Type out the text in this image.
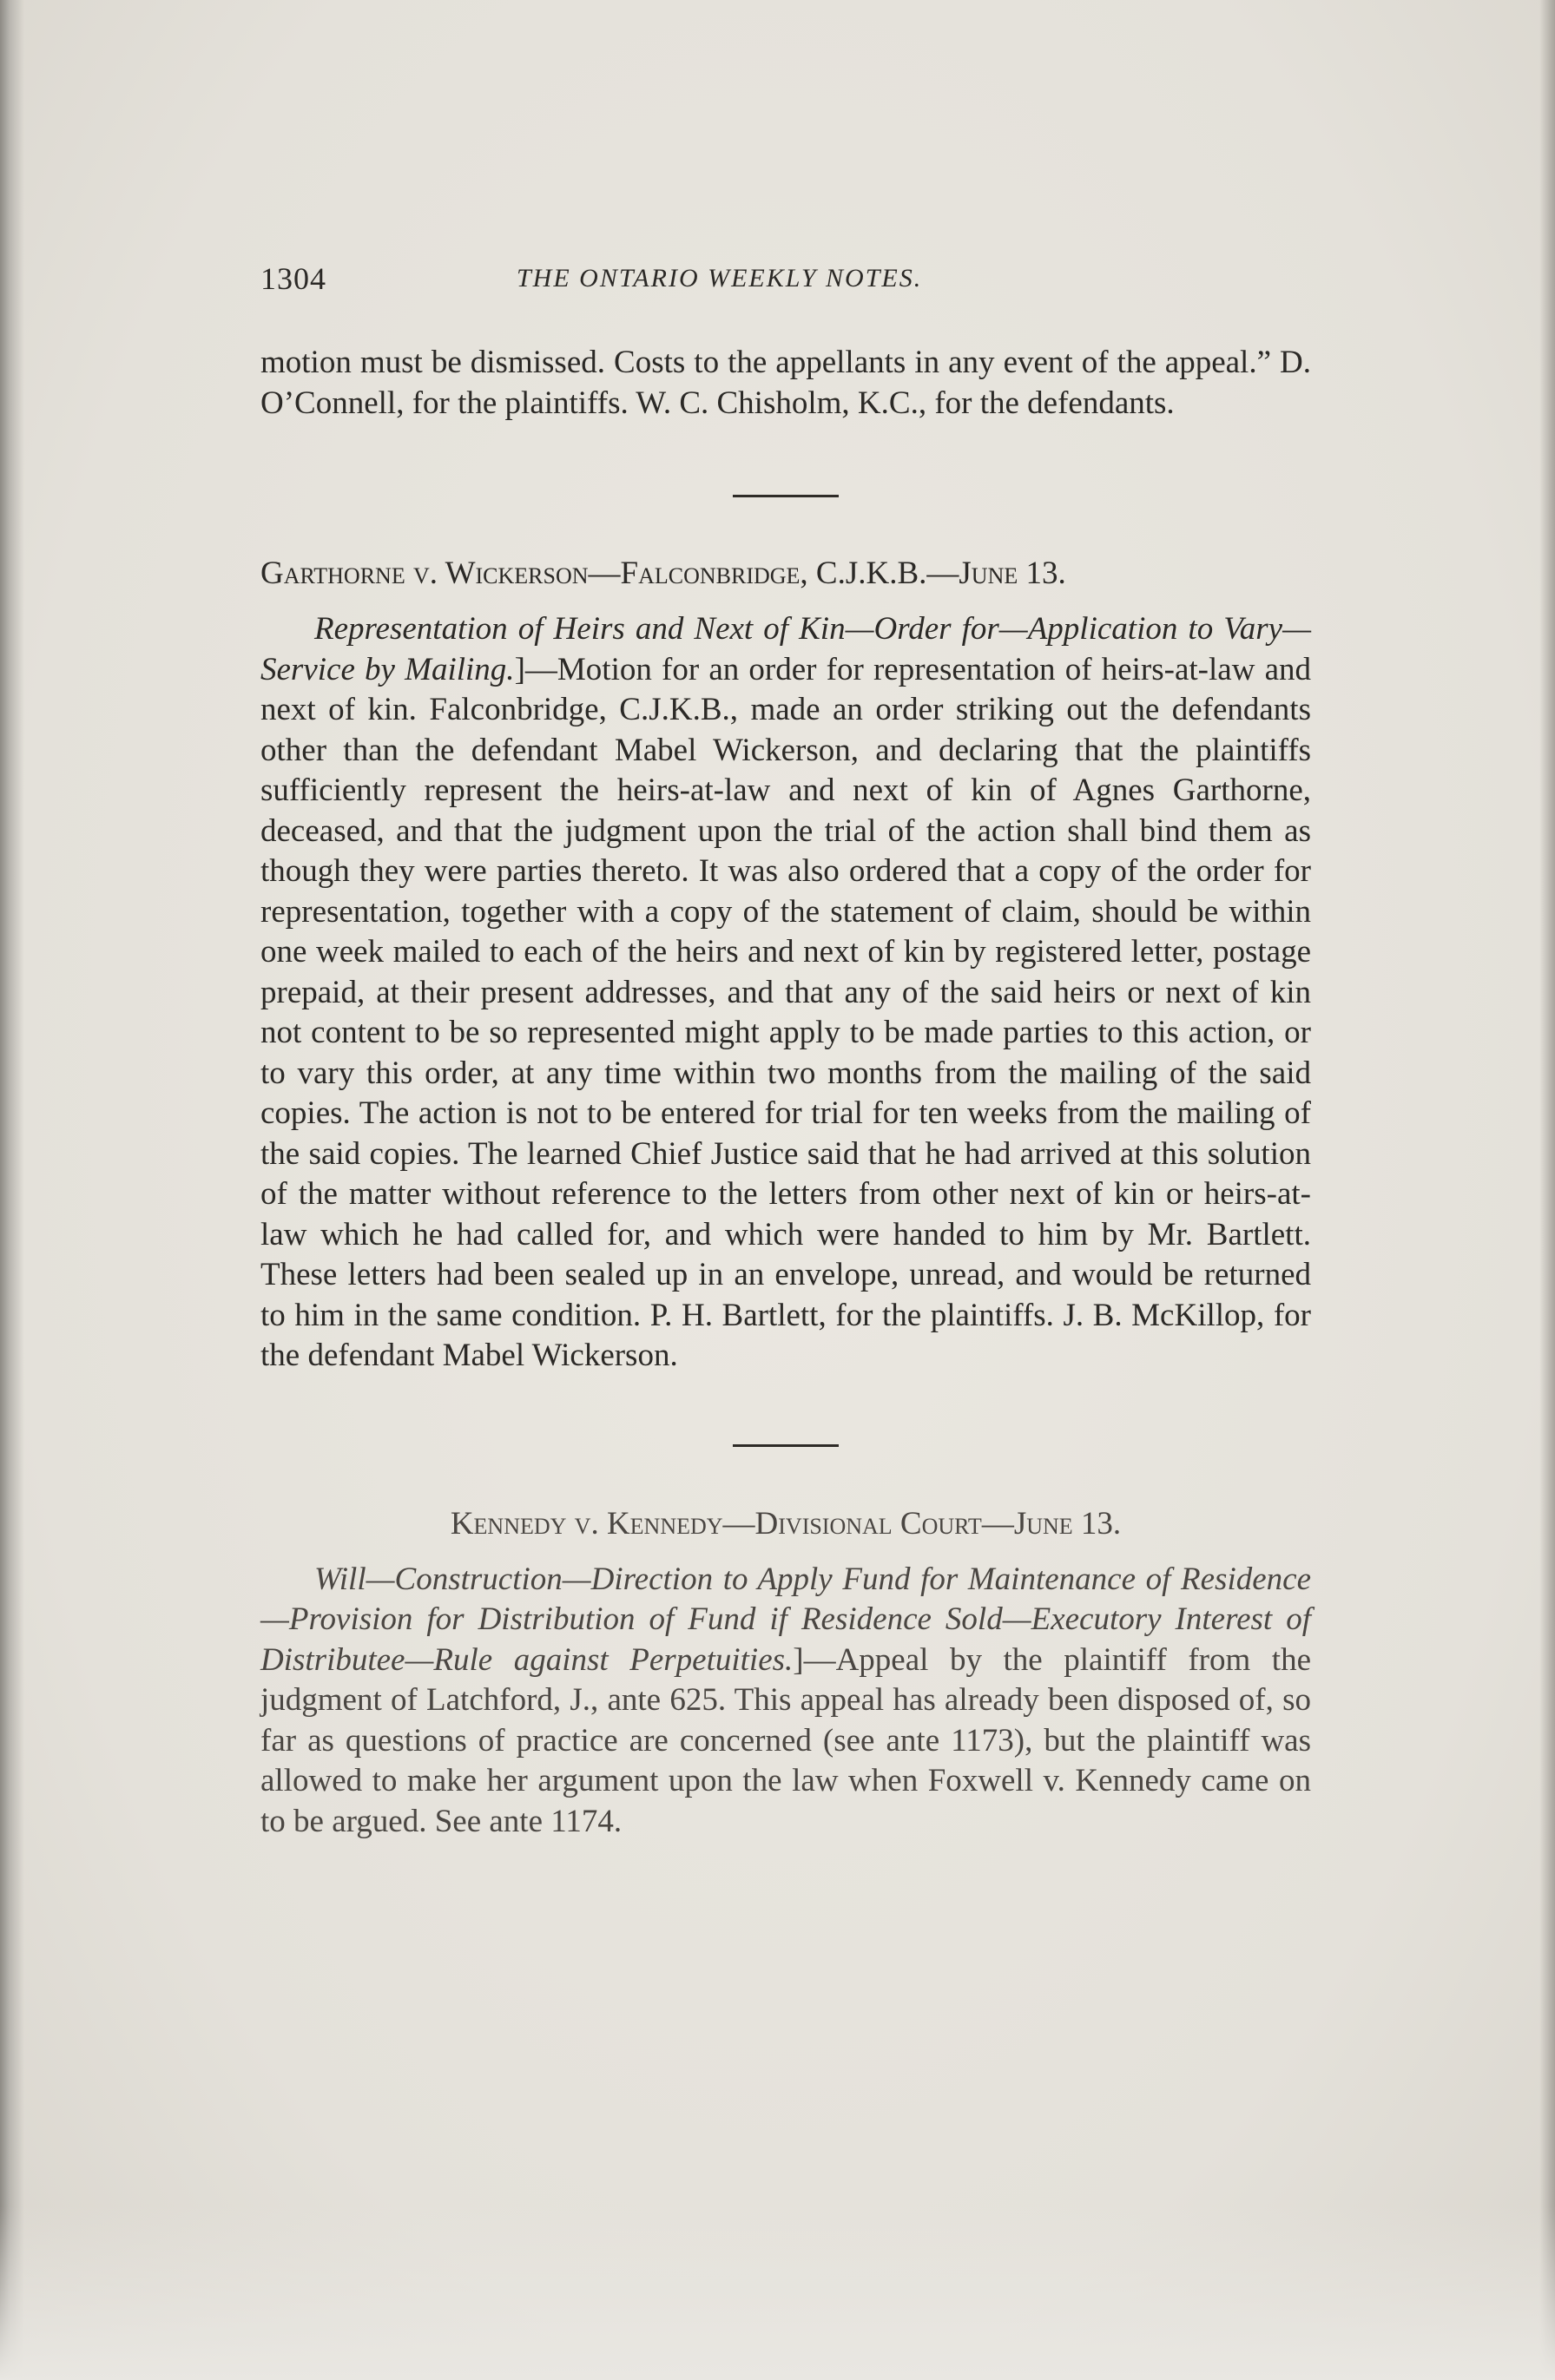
1304	THE ONTARIO WEEKLY NOTES.

motion must be dismissed. Costs to the appellants in any event of the appeal.” D. O’Connell, for the plaintiffs. W. C. Chisholm, K.C., for the defendants.

Garthorne v. Wickerson—Falconbridge, C.J.K.B.—June 13.

Representation of Heirs and Next of Kin—Order for—Application to Vary—Service by Mailing.]—Motion for an order for representation of heirs-at-law and next of kin. Falconbridge, C.J.K.B., made an order striking out the defendants other than the defendant Mabel Wickerson, and declaring that the plaintiffs sufficiently represent the heirs-at-law and next of kin of Agnes Garthorne, deceased, and that the judgment upon the trial of the action shall bind them as though they were parties thereto. It was also ordered that a copy of the order for representation, together with a copy of the statement of claim, should be within one week mailed to each of the heirs and next of kin by registered letter, postage prepaid, at their present addresses, and that any of the said heirs or next of kin not content to be so represented might apply to be made parties to this action, or to vary this order, at any time within two months from the mailing of the said copies. The action is not to be entered for trial for ten weeks from the mailing of the said copies. The learned Chief Justice said that he had arrived at this solution of the matter without reference to the letters from other next of kin or heirs-at-law which he had called for, and which were handed to him by Mr. Bartlett. These letters had been sealed up in an envelope, unread, and would be returned to him in the same condition. P. H. Bartlett, for the plaintiffs. J. B. McKillop, for the defendant Mabel Wickerson.

Kennedy v. Kennedy—Divisional Court—June 13.

Will—Construction—Direction to Apply Fund for Maintenance of Residence—Provision for Distribution of Fund if Residence Sold—Executory Interest of Distributee—Rule against Perpetuities.]—Appeal by the plaintiff from the judgment of Latchford, J., ante 625. This appeal has already been disposed of, so far as questions of practice are concerned (see ante 1173), but the plaintiff was allowed to make her argument upon the law when Foxwell v. Kennedy came on to be argued. See ante 1174.
